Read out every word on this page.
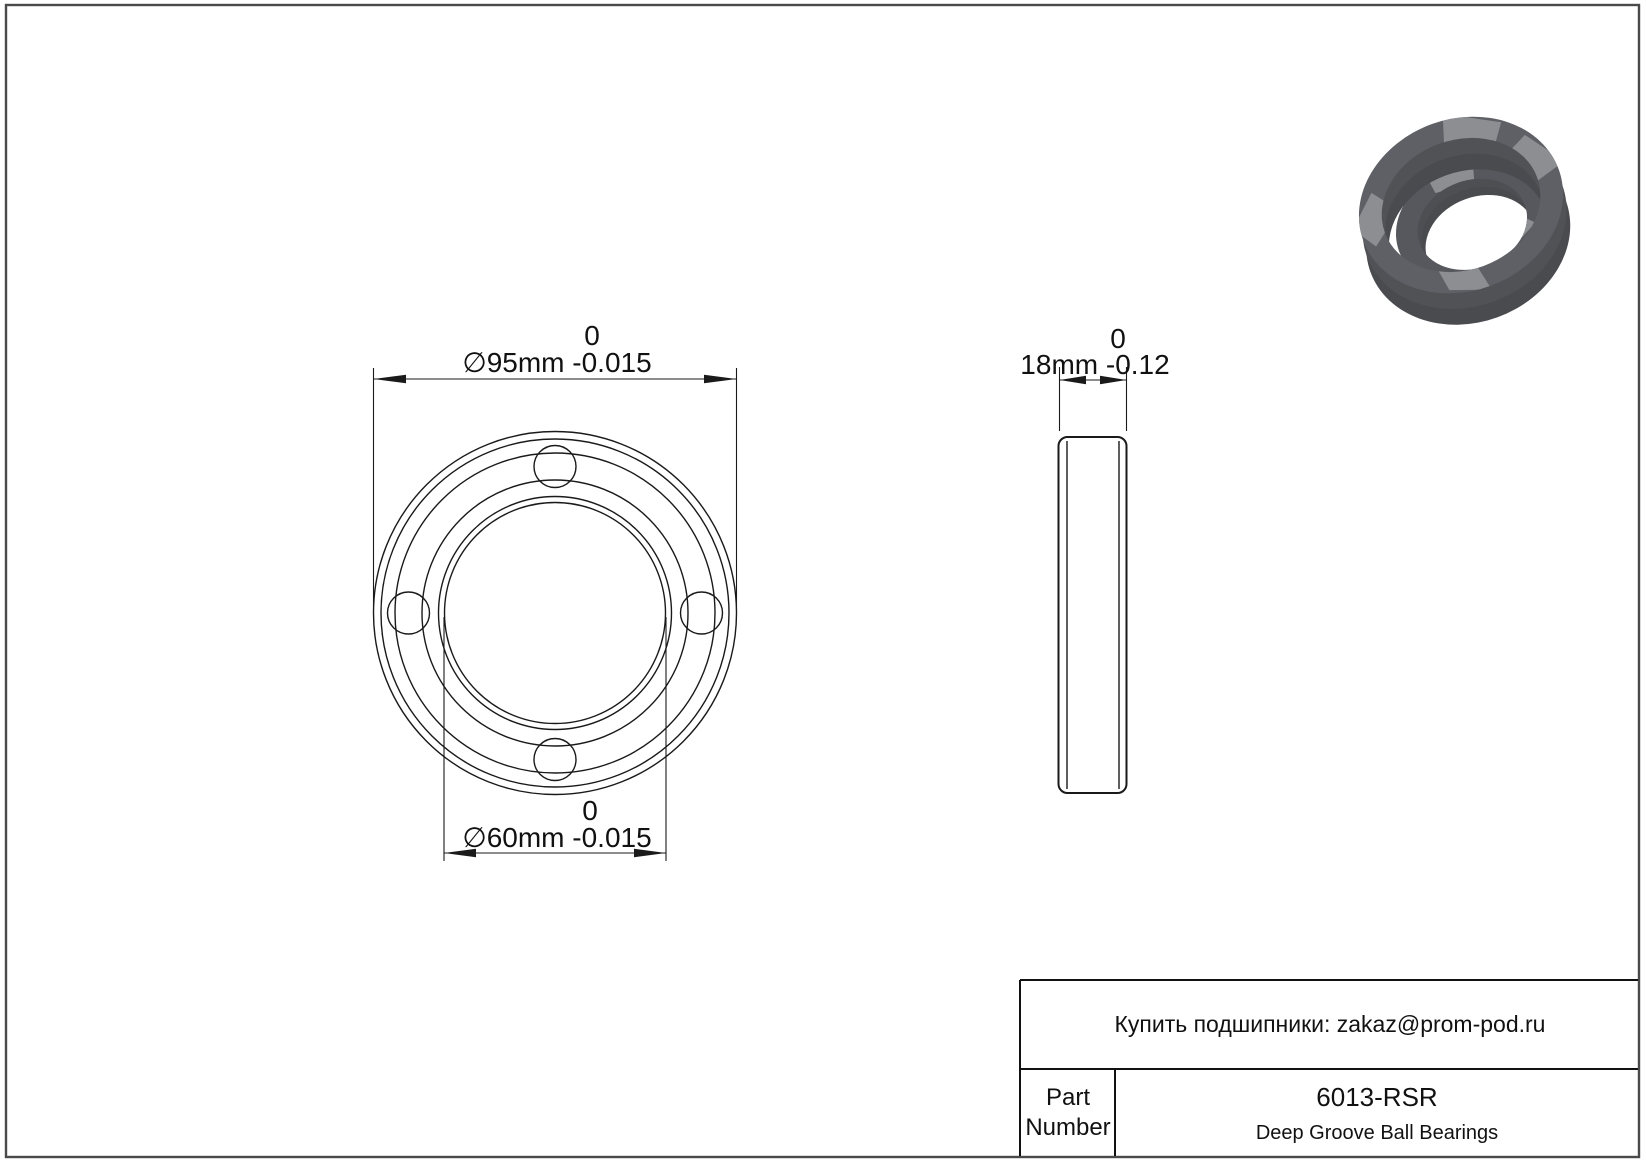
0
∅95mm -0.015
0
∅60mm -0.015
0
18mm -0.12
Купить подшипники: zakaz@prom-pod.ru
Part
Number
6013-RSR
Deep Groove Ball Bearings
